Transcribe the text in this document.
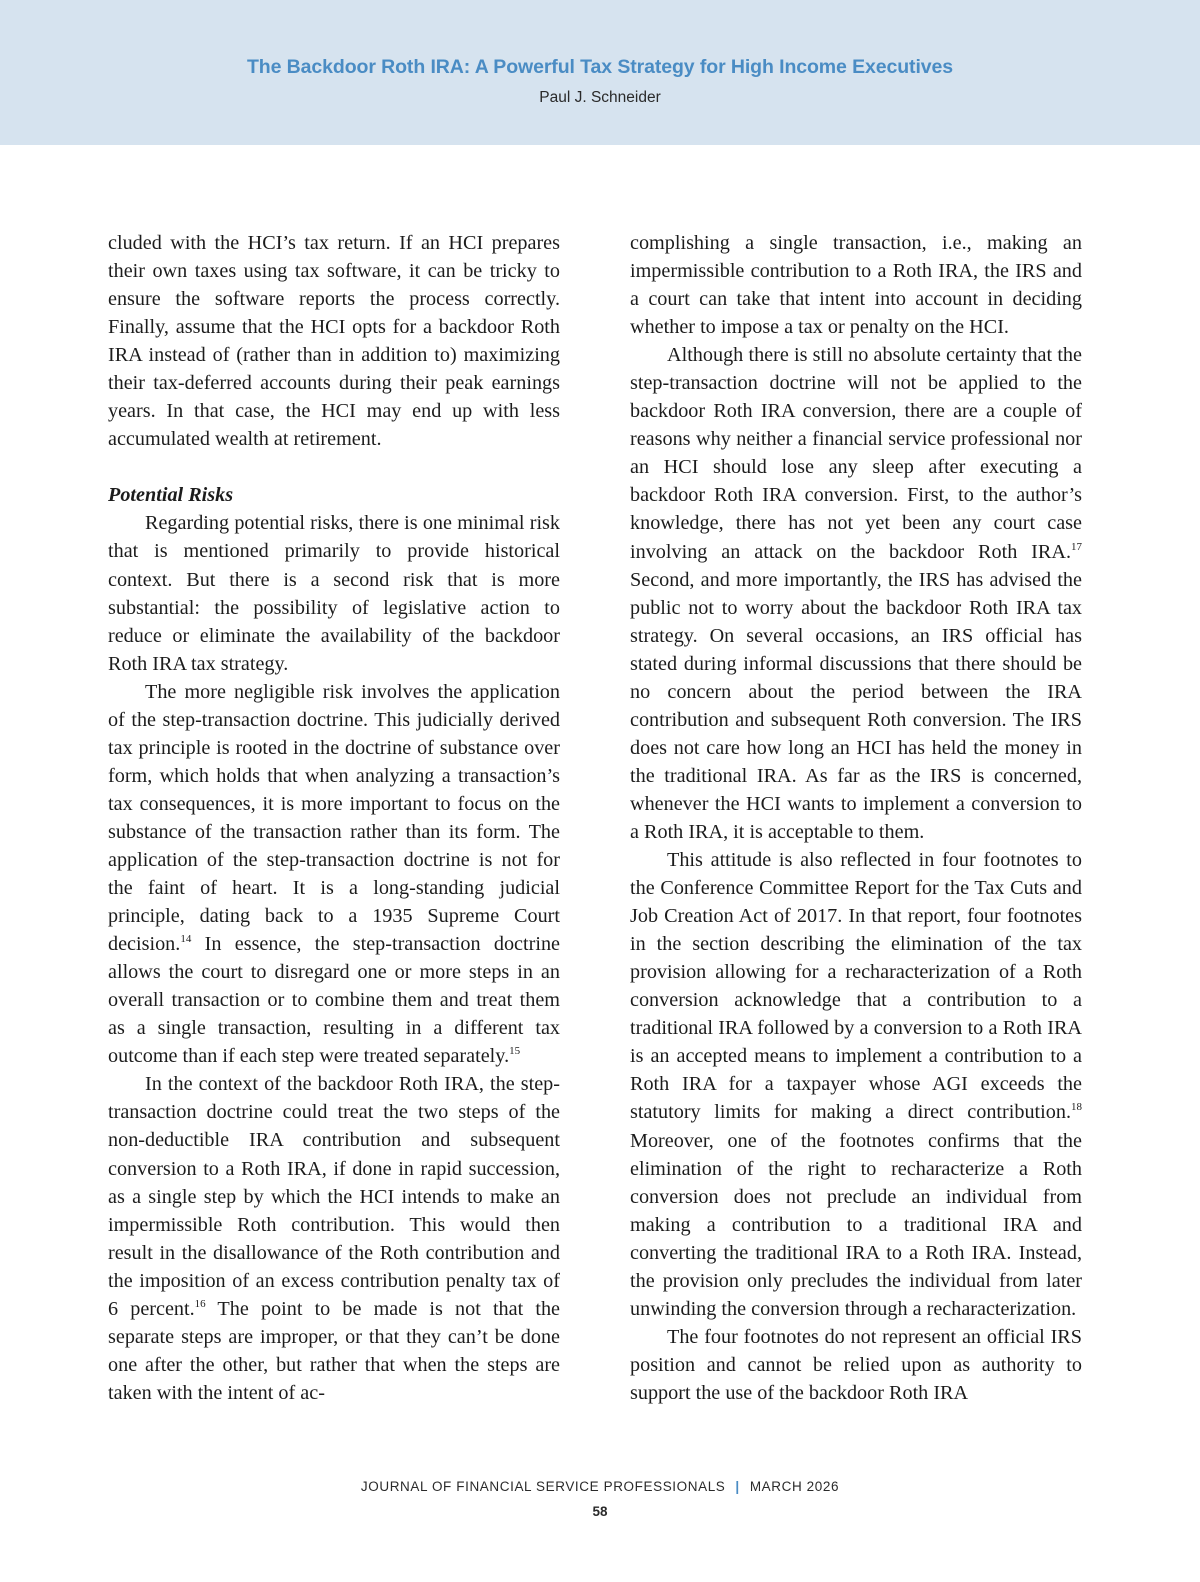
The Backdoor Roth IRA: A Powerful Tax Strategy for High Income Executives
Paul J. Schneider

cluded with the HCI’s tax return. If an HCI prepares their own taxes using tax software, it can be tricky to ensure the software reports the process correctly. Finally, assume that the HCI opts for a backdoor Roth IRA instead of (rather than in addition to) maximizing their tax-deferred accounts during their peak earnings years. In that case, the HCI may end up with less accumulated wealth at retirement.

Potential Risks

Regarding potential risks, there is one minimal risk that is mentioned primarily to provide historical context. But there is a second risk that is more substantial: the possibility of legislative action to reduce or eliminate the availability of the backdoor Roth IRA tax strategy.

The more negligible risk involves the application of the step-transaction doctrine. This judicially derived tax principle is rooted in the doctrine of substance over form, which holds that when analyzing a transaction’s tax consequences, it is more important to focus on the substance of the transaction rather than its form. The application of the step-transaction doctrine is not for the faint of heart. It is a long-standing judicial principle, dating back to a 1935 Supreme Court decision.$^{14}$ In essence, the step-transaction doctrine allows the court to disregard one or more steps in an overall transaction or to combine them and treat them as a single transaction, resulting in a different tax outcome than if each step were treated separately.$^{15}$

In the context of the backdoor Roth IRA, the step-transaction doctrine could treat the two steps of the non-deductible IRA contribution and subsequent conversion to a Roth IRA, if done in rapid succession, as a single step by which the HCI intends to make an impermissible Roth contribution. This would then result in the disallowance of the Roth contribution and the imposition of an excess contribution penalty tax of 6 percent.$^{16}$ The point to be made is not that the separate steps are improper, or that they can’t be done one after the other, but rather that when the steps are taken with the intent of ac-

complishing a single transaction, i.e., making an impermissible contribution to a Roth IRA, the IRS and a court can take that intent into account in deciding whether to impose a tax or penalty on the HCI.

Although there is still no absolute certainty that the step-transaction doctrine will not be applied to the backdoor Roth IRA conversion, there are a couple of reasons why neither a financial service professional nor an HCI should lose any sleep after executing a backdoor Roth IRA conversion. First, to the author’s knowledge, there has not yet been any court case involving an attack on the backdoor Roth IRA.$^{17}$ Second, and more importantly, the IRS has advised the public not to worry about the backdoor Roth IRA tax strategy. On several occasions, an IRS official has stated during informal discussions that there should be no concern about the period between the IRA contribution and subsequent Roth conversion. The IRS does not care how long an HCI has held the money in the traditional IRA. As far as the IRS is concerned, whenever the HCI wants to implement a conversion to a Roth IRA, it is acceptable to them.

This attitude is also reflected in four footnotes to the Conference Committee Report for the Tax Cuts and Job Creation Act of 2017. In that report, four footnotes in the section describing the elimination of the tax provision allowing for a recharacterization of a Roth conversion acknowledge that a contribution to a traditional IRA followed by a conversion to a Roth IRA is an accepted means to implement a contribution to a Roth IRA for a taxpayer whose AGI exceeds the statutory limits for making a direct contribution.$^{18}$ Moreover, one of the footnotes confirms that the elimination of the right to recharacterize a Roth conversion does not preclude an individual from making a contribution to a traditional IRA and converting the traditional IRA to a Roth IRA. Instead, the provision only precludes the individual from later unwinding the conversion through a recharacterization.

The four footnotes do not represent an official IRS position and cannot be relied upon as authority to support the use of the backdoor Roth IRA

JOURNAL OF FINANCIAL SERVICE PROFESSIONALS | MARCH 2026
58
